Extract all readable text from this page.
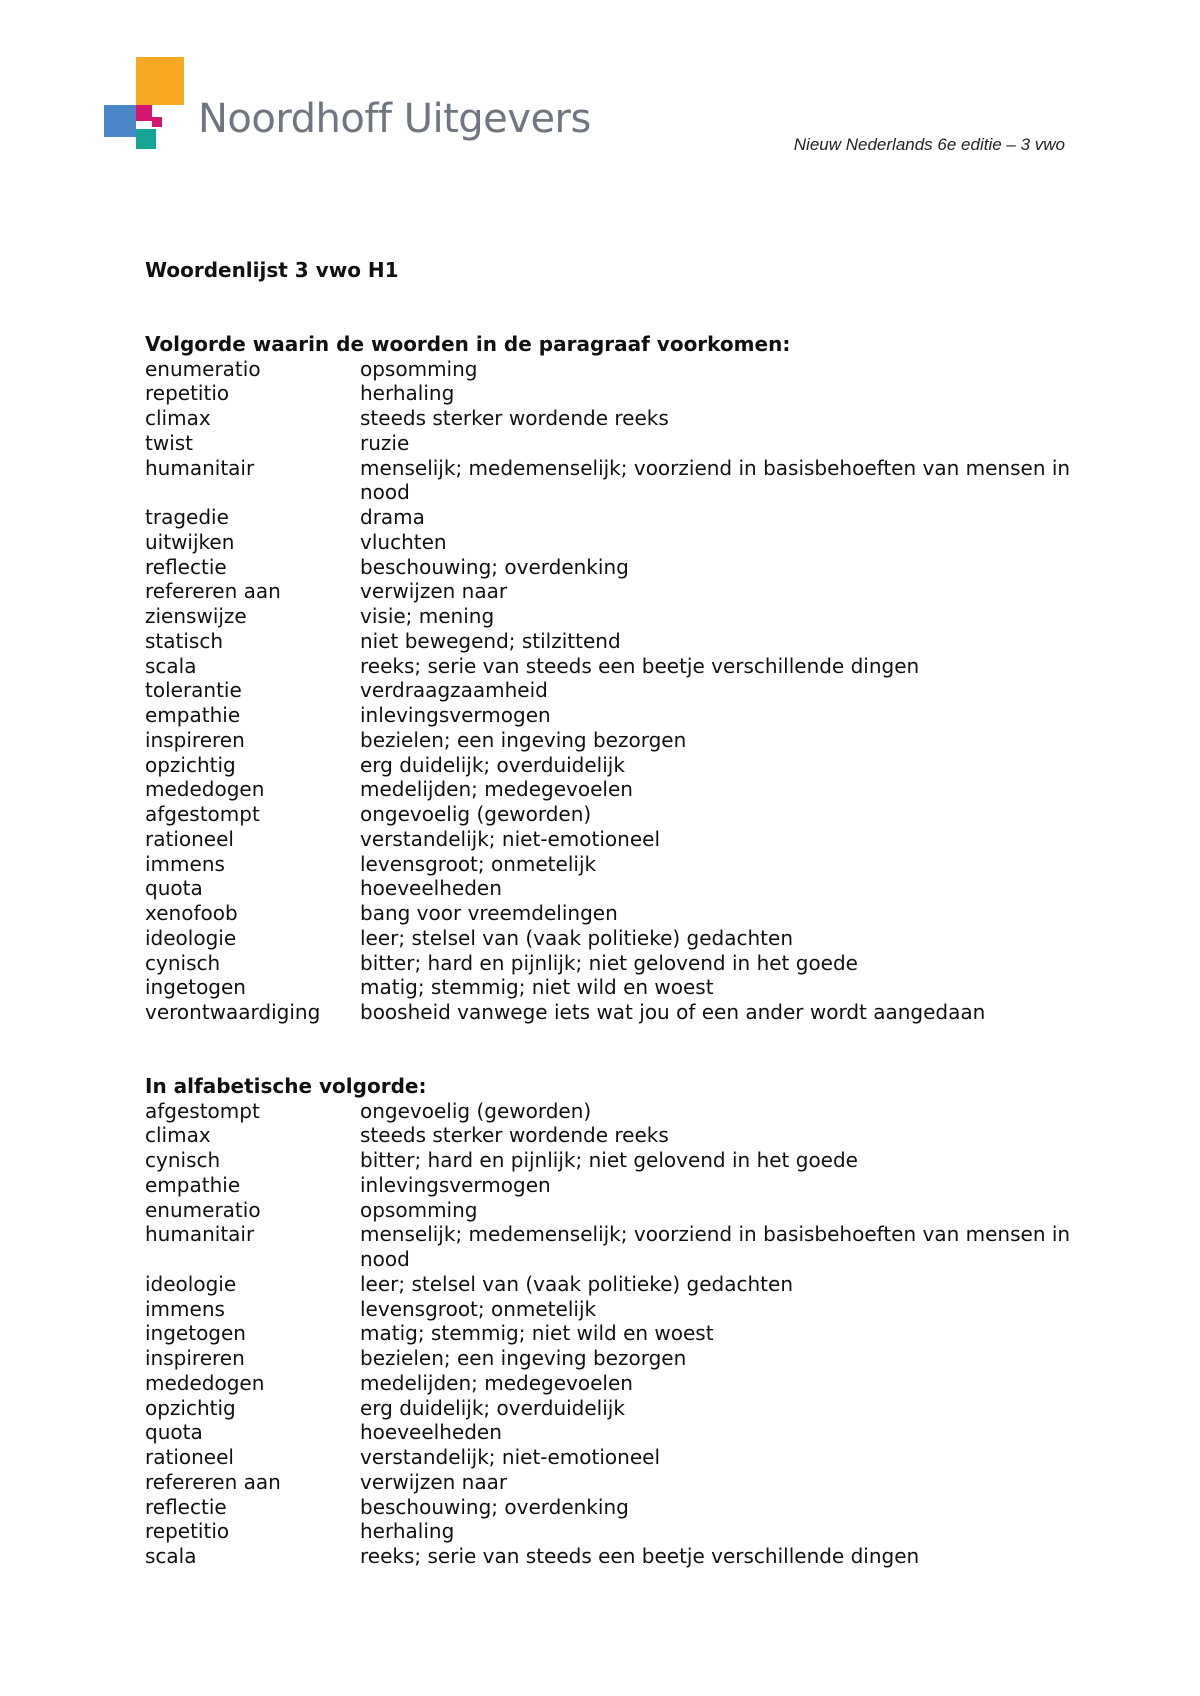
Noordhoff Uitgevers
Nieuw Nederlands 6e editie – 3 vwo
Woordenlijst 3 vwo H1
Volgorde waarin de woorden in de paragraaf voorkomen:
enumeratio	opsomming
repetitio	herhaling
climax	steeds sterker wordende reeks
twist	ruzie
humanitair	menselijk; medemenselijk; voorziend in basisbehoeften van mensen in nood
tragedie	drama
uitwijken	vluchten
reflectie	beschouwing; overdenking
refereren aan	verwijzen naar
zienswijze	visie; mening
statisch	niet bewegend; stilzittend
scala	reeks; serie van steeds een beetje verschillende dingen
tolerantie	verdraagzaamheid
empathie	inlevingsvermogen
inspireren	bezielen; een ingeving bezorgen
opzichtig	erg duidelijk; overduidelijk
mededogen	medelijden; medegevoelen
afgestompt	ongevoelig (geworden)
rationeel	verstandelijk; niet-emotioneel
immens	levensgroot; onmetelijk
quota	hoeveelheden
xenofoob	bang voor vreemdelingen
ideologie	leer; stelsel van (vaak politieke) gedachten
cynisch	bitter; hard en pijnlijk; niet gelovend in het goede
ingetogen	matig; stemmig; niet wild en woest
verontwaardiging	boosheid vanwege iets wat jou of een ander wordt aangedaan
In alfabetische volgorde:
afgestompt	ongevoelig (geworden)
climax	steeds sterker wordende reeks
cynisch	bitter; hard en pijnlijk; niet gelovend in het goede
empathie	inlevingsvermogen
enumeratio	opsomming
humanitair	menselijk; medemenselijk; voorziend in basisbehoeften van mensen in nood
ideologie	leer; stelsel van (vaak politieke) gedachten
immens	levensgroot; onmetelijk
ingetogen	matig; stemmig; niet wild en woest
inspireren	bezielen; een ingeving bezorgen
mededogen	medelijden; medegevoelen
opzichtig	erg duidelijk; overduidelijk
quota	hoeveelheden
rationeel	verstandelijk; niet-emotioneel
refereren aan	verwijzen naar
reflectie	beschouwing; overdenking
repetitio	herhaling
scala	reeks; serie van steeds een beetje verschillende dingen
